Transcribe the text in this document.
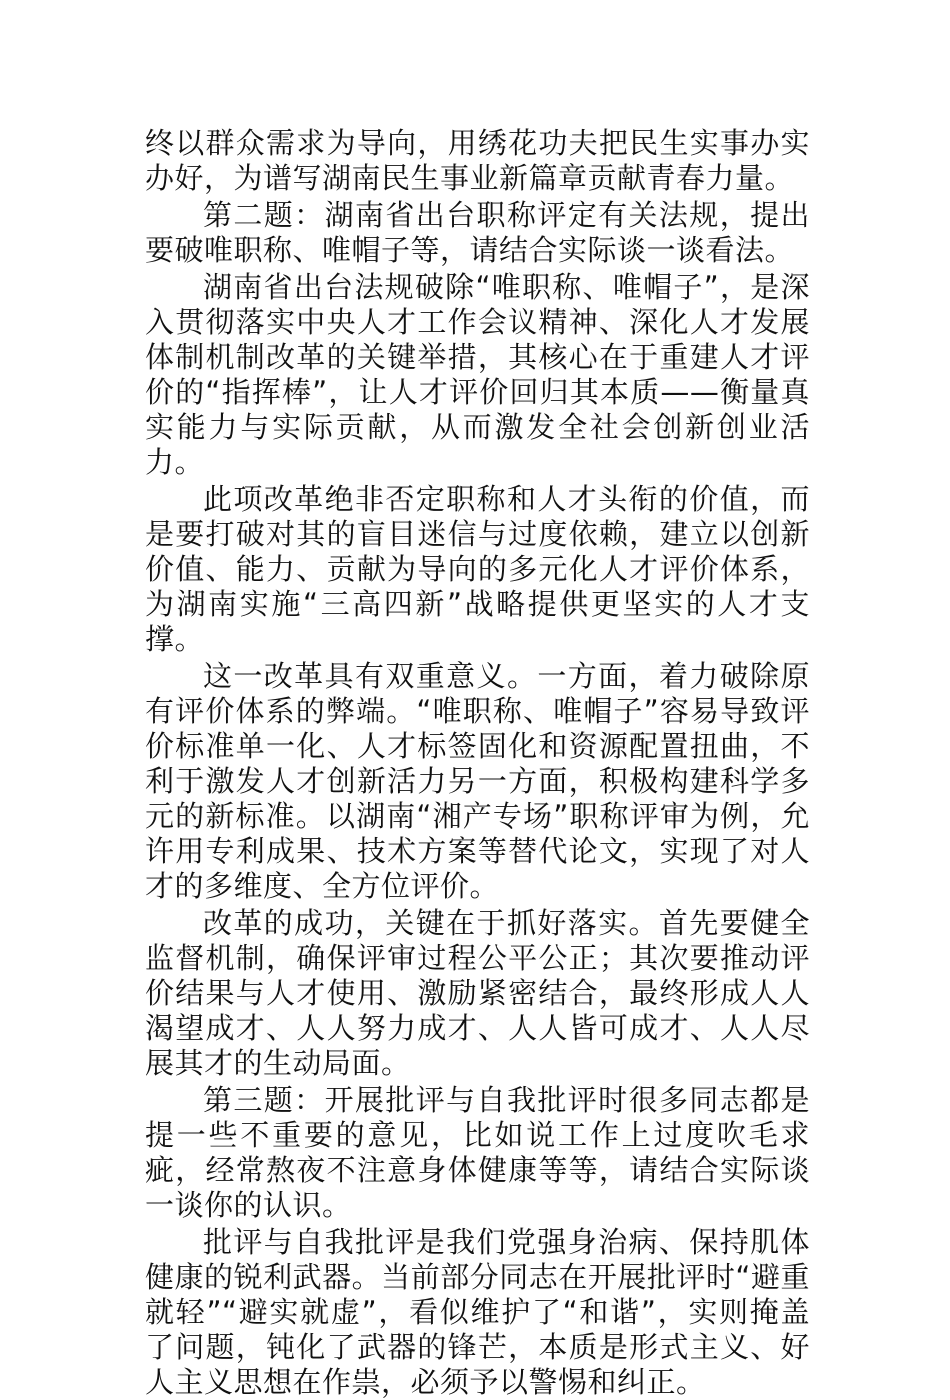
终以群众需求为导向，用绣花功夫把民生实事办实办好，为谱写湖南民生事业新篇章贡献青春力量。

第二题：湖南省出台职称评定有关法规，提出要破唯职称、唯帽子等，请结合实际谈一谈看法。

湖南省出台法规破除“唯职称、唯帽子”，是深入贯彻落实中央人才工作会议精神、深化人才发展体制机制改革的关键举措，其核心在于重建人才评价的“指挥棒”，让人才评价回归其本质——衡量真实能力与实际贡献，从而激发全社会创新创业活力。

此项改革绝非否定职称和人才头衔的价值，而是要打破对其的盲目迷信与过度依赖，建立以创新价值、能力、贡献为导向的多元化人才评价体系，为湖南实施“三高四新”战略提供更坚实的人才支撑。

这一改革具有双重意义。一方面，着力破除原有评价体系的弊端。“唯职称、唯帽子”容易导致评价标准单一化、人才标签固化和资源配置扭曲，不利于激发人才创新活力另一方面，积极构建科学多元的新标准。以湖南“湘产专场”职称评审为例，允许用专利成果、技术方案等替代论文，实现了对人才的多维度、全方位评价。

改革的成功，关键在于抓好落实。首先要健全监督机制，确保评审过程公平公正；其次要推动评价结果与人才使用、激励紧密结合，最终形成人人渴望成才、人人努力成才、人人皆可成才、人人尽展其才的生动局面。

第三题：开展批评与自我批评时很多同志都是提一些不重要的意见，比如说工作上过度吹毛求疵，经常熬夜不注意身体健康等等，请结合实际谈一谈你的认识。

批评与自我批评是我们党强身治病、保持肌体健康的锐利武器。当前部分同志在开展批评时“避重就轻”“避实就虚”，看似维护了“和谐”，实则掩盖了问题，钝化了武器的锋芒，本质是形式主义、好人主义思想在作祟，必须予以警惕和纠正。
